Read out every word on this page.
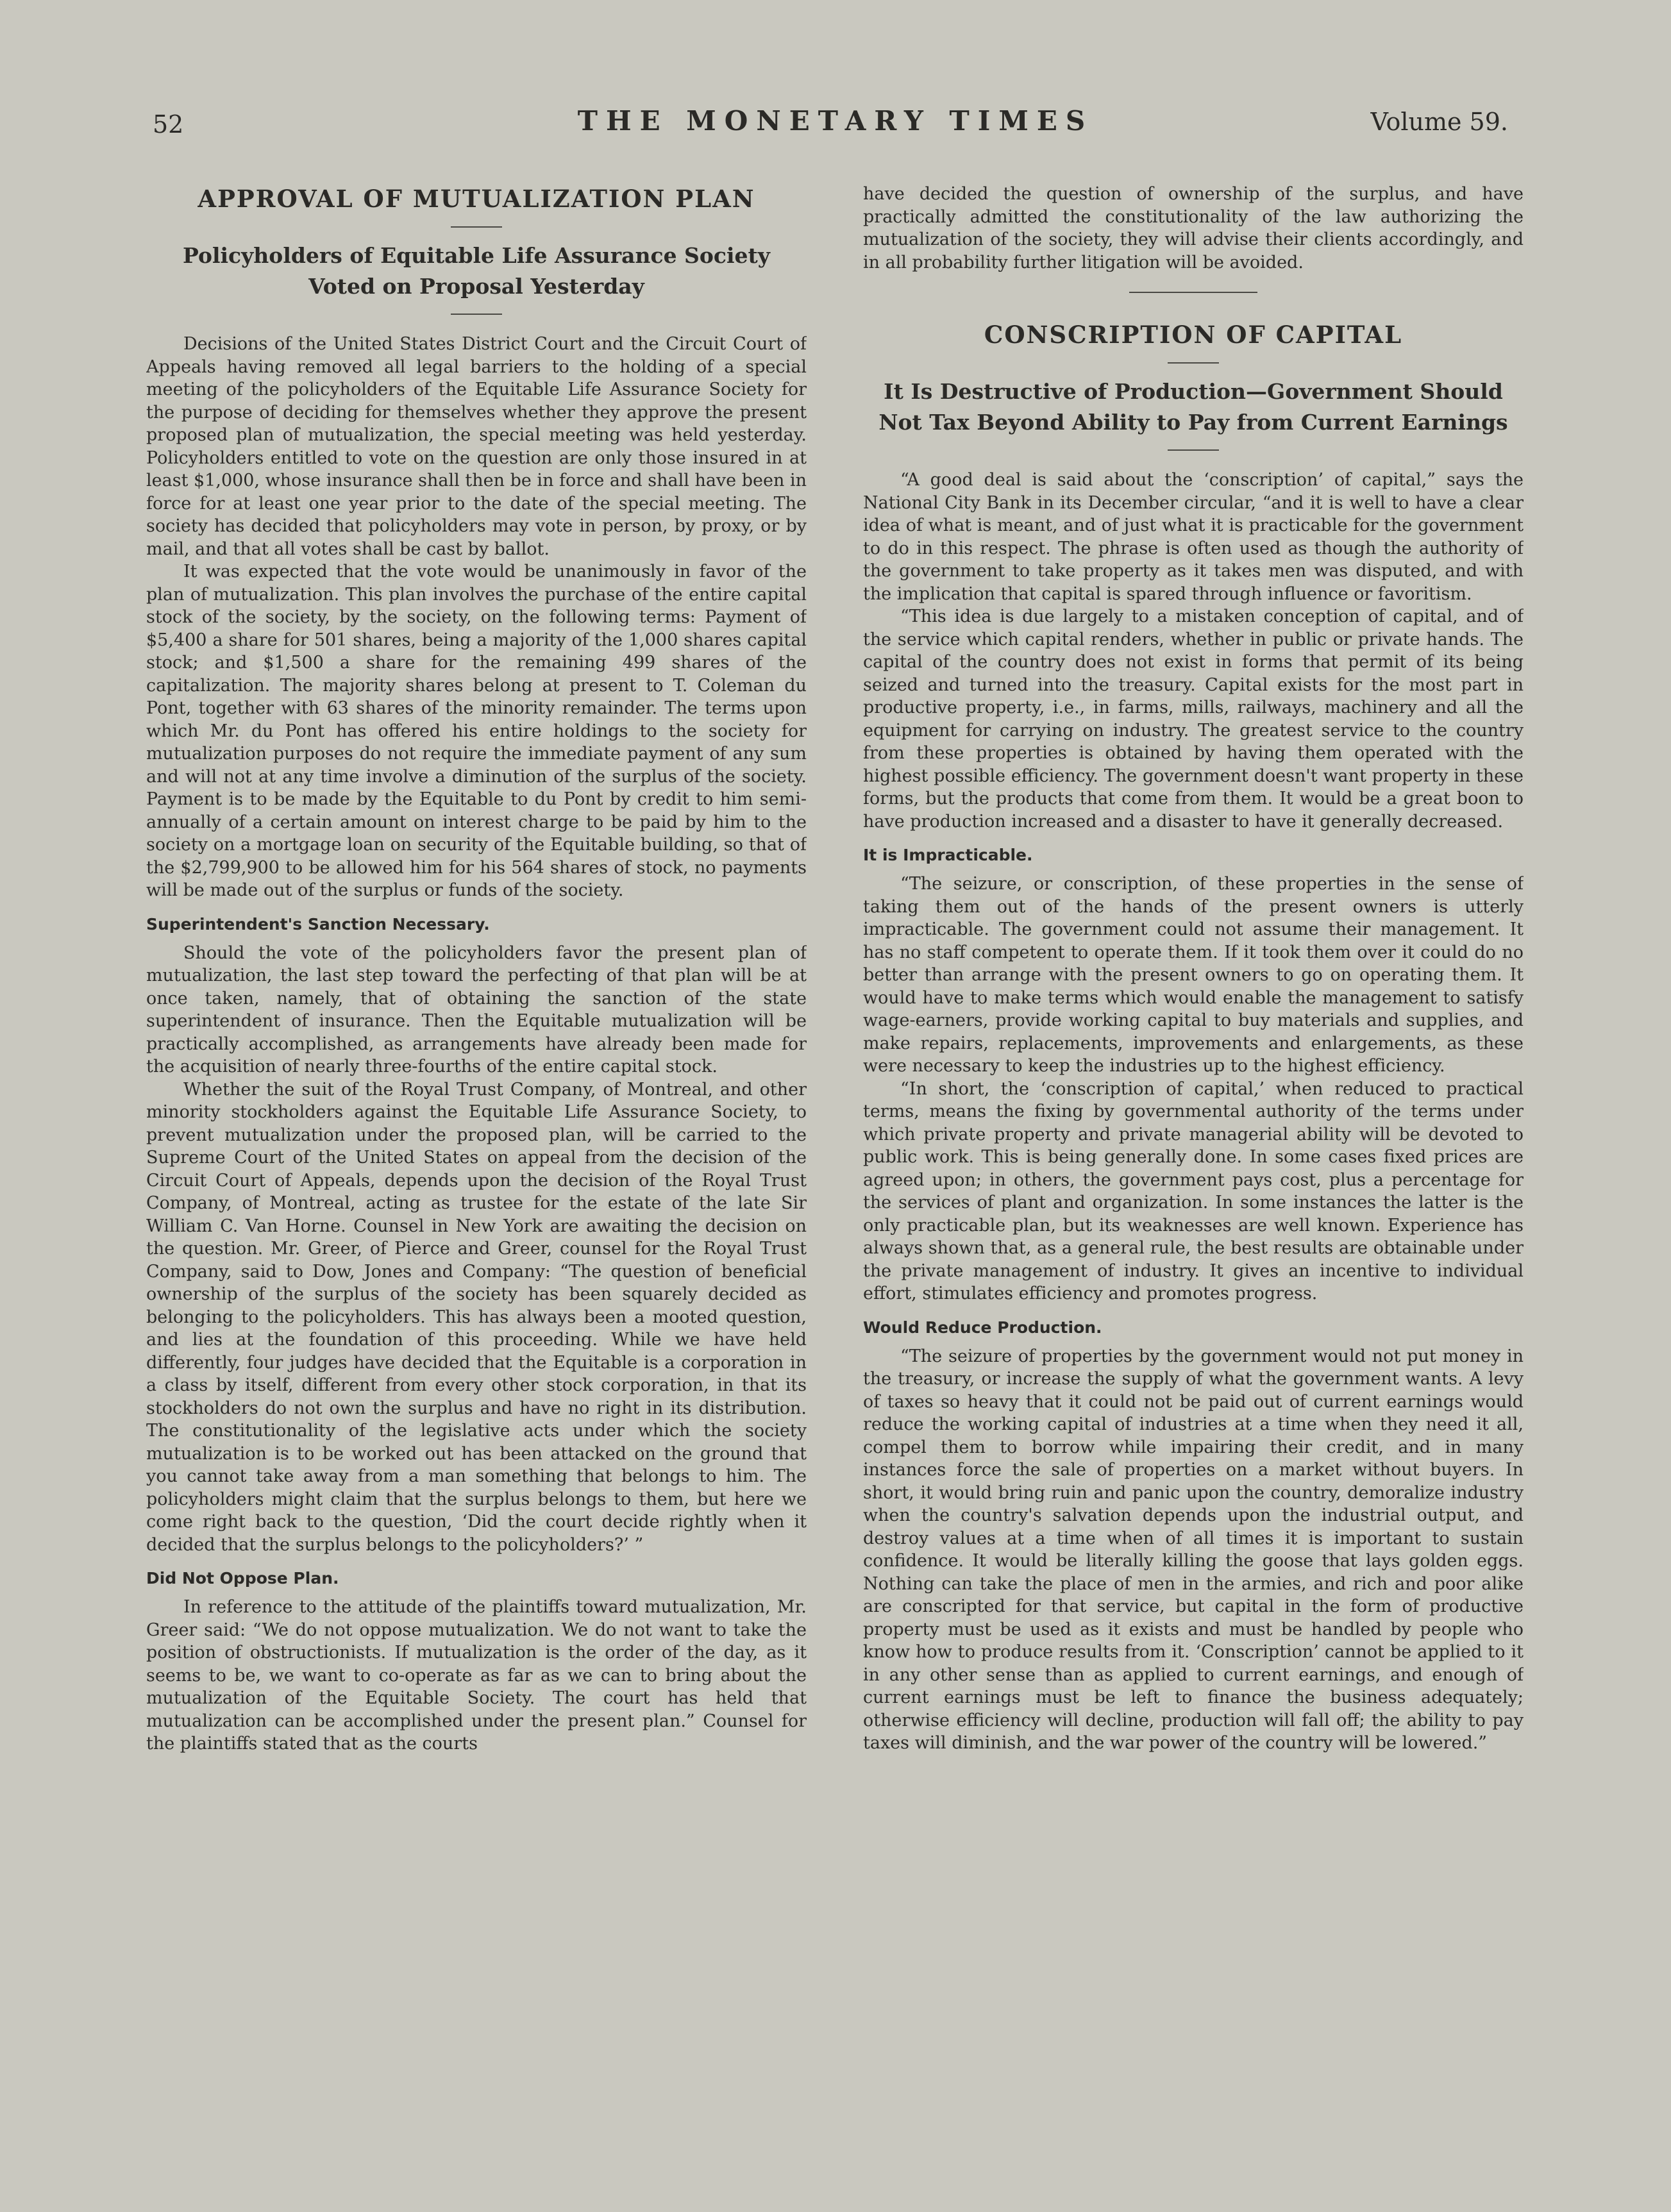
52	THE MONETARY TIMES	Volume 59.
APPROVAL OF MUTUALIZATION PLAN
Policyholders of Equitable Life Assurance Society Voted on Proposal Yesterday

Decisions of the United States District Court and the Circuit Court of Appeals having removed all legal barriers to the holding of a special meeting of the policyholders of the Equitable Life Assurance Society for the purpose of deciding for themselves whether they approve the present proposed plan of mutualization, the special meeting was held yesterday. Policyholders entitled to vote on the question are only those insured in at least $1,000, whose insurance shall then be in force and shall have been in force for at least one year prior to the date of the special meeting. The society has decided that policyholders may vote in person, by proxy, or by mail, and that all votes shall be cast by ballot.

It was expected that the vote would be unanimously in favor of the plan of mutualization. This plan involves the purchase of the entire capital stock of the society, by the society, on the following terms: Payment of $5,400 a share for 501 shares, being a majority of the 1,000 shares capital stock; and $1,500 a share for the remaining 499 shares of the capitalization. The majority shares belong at present to T. Coleman du Pont, together with 63 shares of the minority remainder. The terms upon which Mr. du Pont has offered his entire holdings to the society for mutualization purposes do not require the immediate payment of any sum and will not at any time involve a diminution of the surplus of the society. Payment is to be made by the Equitable to du Pont by credit to him semi-annually of a certain amount on interest charge to be paid by him to the society on a mortgage loan on security of the Equitable building, so that of the $2,799,900 to be allowed him for his 564 shares of stock, no payments will be made out of the surplus or funds of the society.

Superintendent's Sanction Necessary.

Should the vote of the policyholders favor the present plan of mutualization, the last step toward the perfecting of that plan will be at once taken, namely, that of obtaining the sanction of the state superintendent of insurance. Then the Equitable mutualization will be practically accomplished, as arrangements have already been made for the acquisition of nearly three-fourths of the entire capital stock.

Whether the suit of the Royal Trust Company, of Montreal, and other minority stockholders against the Equitable Life Assurance Society, to prevent mutualization under the proposed plan, will be carried to the Supreme Court of the United States on appeal from the decision of the Circuit Court of Appeals, depends upon the decision of the Royal Trust Company, of Montreal, acting as trustee for the estate of the late Sir William C. Van Horne. Counsel in New York are awaiting the decision on the question. Mr. Greer, of Pierce and Greer, counsel for the Royal Trust Company, said to Dow, Jones and Company: “The question of beneficial ownership of the surplus of the society has been squarely decided as belonging to the policyholders. This has always been a mooted question, and lies at the foundation of this proceeding. While we have held differently, four judges have decided that the Equitable is a corporation in a class by itself, different from every other stock corporation, in that its stockholders do not own the surplus and have no right in its distribution. The constitutionality of the legislative acts under which the society mutualization is to be worked out has been attacked on the ground that you cannot take away from a man something that belongs to him. The policyholders might claim that the surplus belongs to them, but here we come right back to the question, ‘Did the court decide rightly when it decided that the surplus belongs to the policyholders?’ ”

Did Not Oppose Plan.

In reference to the attitude of the plaintiffs toward mutualization, Mr. Greer said: “We do not oppose mutualization. We do not want to take the position of obstructionists. If mutualization is the order of the day, as it seems to be, we want to co-operate as far as we can to bring about the mutualization of the Equitable Society. The court has held that mutualization can be accomplished under the present plan.” Counsel for the plaintiffs stated that as the courts

have decided the question of ownership of the surplus, and have practically admitted the constitutionality of the law authorizing the mutualization of the society, they will advise their clients accordingly, and in all probability further litigation will be avoided.

CONSCRIPTION OF CAPITAL
It Is Destructive of Production—Government Should Not Tax Beyond Ability to Pay from Current Earnings

“A good deal is said about the ‘conscription’ of capital,” says the National City Bank in its December circular, “and it is well to have a clear idea of what is meant, and of just what it is practicable for the government to do in this respect. The phrase is often used as though the authority of the government to take property as it takes men was disputed, and with the implication that capital is spared through influence or favoritism.

“This idea is due largely to a mistaken conception of capital, and of the service which capital renders, whether in public or private hands. The capital of the country does not exist in forms that permit of its being seized and turned into the treasury. Capital exists for the most part in productive property, i.e., in farms, mills, railways, machinery and all the equipment for carrying on industry. The greatest service to the country from these properties is obtained by having them operated with the highest possible efficiency. The government doesn't want property in these forms, but the products that come from them. It would be a great boon to have production increased and a disaster to have it generally decreased.

It is Impracticable.

“The seizure, or conscription, of these properties in the sense of taking them out of the hands of the present owners is utterly impracticable. The government could not assume their management. It has no staff competent to operate them. If it took them over it could do no better than arrange with the present owners to go on operating them. It would have to make terms which would enable the management to satisfy wage-earners, provide working capital to buy materials and supplies, and make repairs, replacements, improvements and enlargements, as these were necessary to keep the industries up to the highest efficiency.

“In short, the ‘conscription of capital,’ when reduced to practical terms, means the fixing by governmental authority of the terms under which private property and private managerial ability will be devoted to public work. This is being generally done. In some cases fixed prices are agreed upon; in others, the government pays cost, plus a percentage for the services of plant and organization. In some instances the latter is the only practicable plan, but its weaknesses are well known. Experience has always shown that, as a general rule, the best results are obtainable under the private management of industry. It gives an incentive to individual effort, stimulates efficiency and promotes progress.

Would Reduce Production.

“The seizure of properties by the government would not put money in the treasury, or increase the supply of what the government wants. A levy of taxes so heavy that it could not be paid out of current earnings would reduce the working capital of industries at a time when they need it all, compel them to borrow while impairing their credit, and in many instances force the sale of properties on a market without buyers. In short, it would bring ruin and panic upon the country, demoralize industry when the country's salvation depends upon the industrial output, and destroy values at a time when of all times it is important to sustain confidence. It would be literally killing the goose that lays golden eggs. Nothing can take the place of men in the armies, and rich and poor alike are conscripted for that service, but capital in the form of productive property must be used as it exists and must be handled by people who know how to produce results from it. ‘Conscription’ cannot be applied to it in any other sense than as applied to current earnings, and enough of current earnings must be left to finance the business adequately; otherwise efficiency will decline, production will fall off; the ability to pay taxes will diminish, and the war power of the country will be lowered.”
